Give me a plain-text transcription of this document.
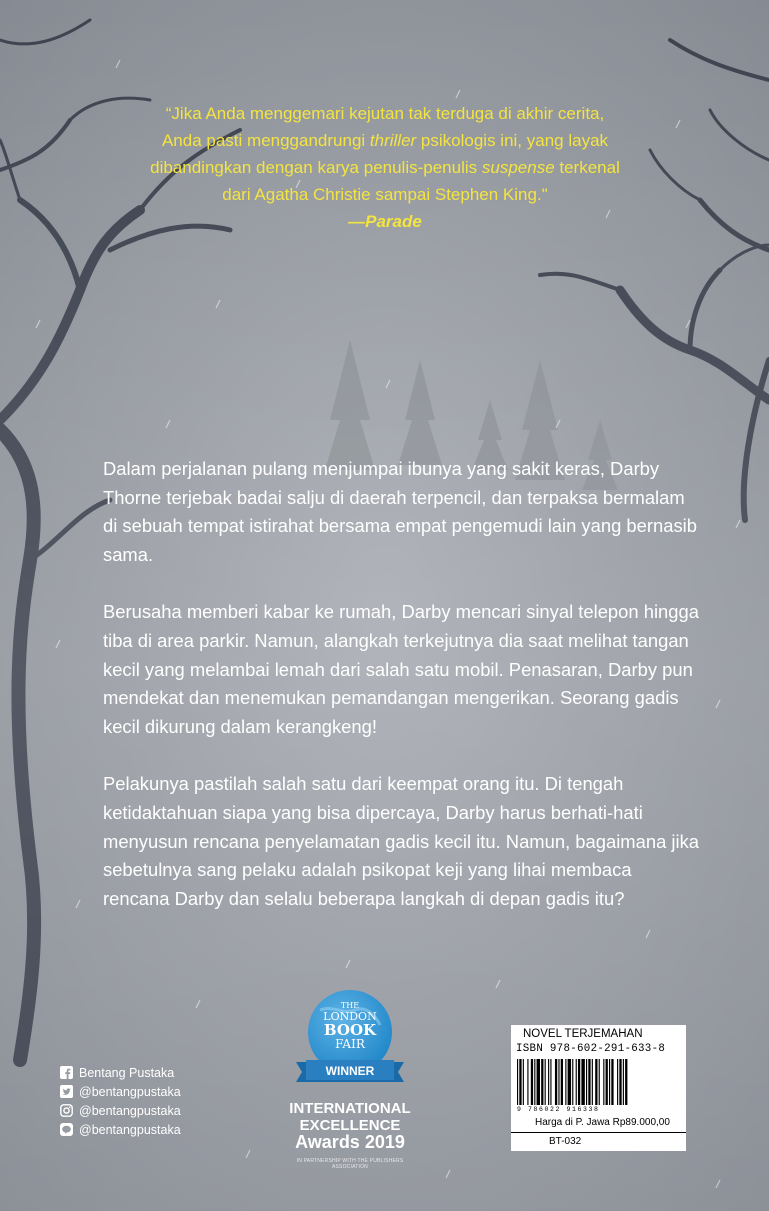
“Jika Anda menggemari kejutan tak terduga di akhir cerita,
Anda pasti menggandrungi thriller psikologis ini, yang layak
dibandingkan dengan karya penulis-penulis suspense terkenal
dari Agatha Christie sampai Stephen King."
—Parade

Dalam perjalanan pulang menjumpai ibunya yang sakit keras, Darby Thorne terjebak badai salju di daerah terpencil, dan terpaksa bermalam di sebuah tempat istirahat bersama empat pengemudi lain yang bernasib sama.

Berusaha memberi kabar ke rumah, Darby mencari sinyal telepon hingga tiba di area parkir. Namun, alangkah terkejutnya dia saat melihat tangan kecil yang melambai lemah dari salah satu mobil. Penasaran, Darby pun mendekat dan menemukan pemandangan mengerikan. Seorang gadis kecil dikurung dalam kerangkeng!

Pelakunya pastilah salah satu dari keempat orang itu. Di tengah ketidaktahuan siapa yang bisa dipercaya, Darby harus berhati-hati menyusun rencana penyelamatan gadis kecil itu. Namun, bagaimana jika sebetulnya sang pelaku adalah psikopat keji yang lihai membaca rencana Darby dan selalu beberapa langkah di depan gadis itu?

Bentang Pustaka
@bentangpustaka
@bentangpustaka
@bentangpustaka
THE
LONDON
BOOK
FAIR
WINNER
INTERNATIONAL
EXCELLENCE
Awards 2019
IN PARTNERSHIP WITH THE PUBLISHERS ASSOCIATION
NOVEL TERJEMAHAN
ISBN 978-602-291-633-8
9 786022 916338
Harga di P. Jawa Rp89.000,00
BT-032
